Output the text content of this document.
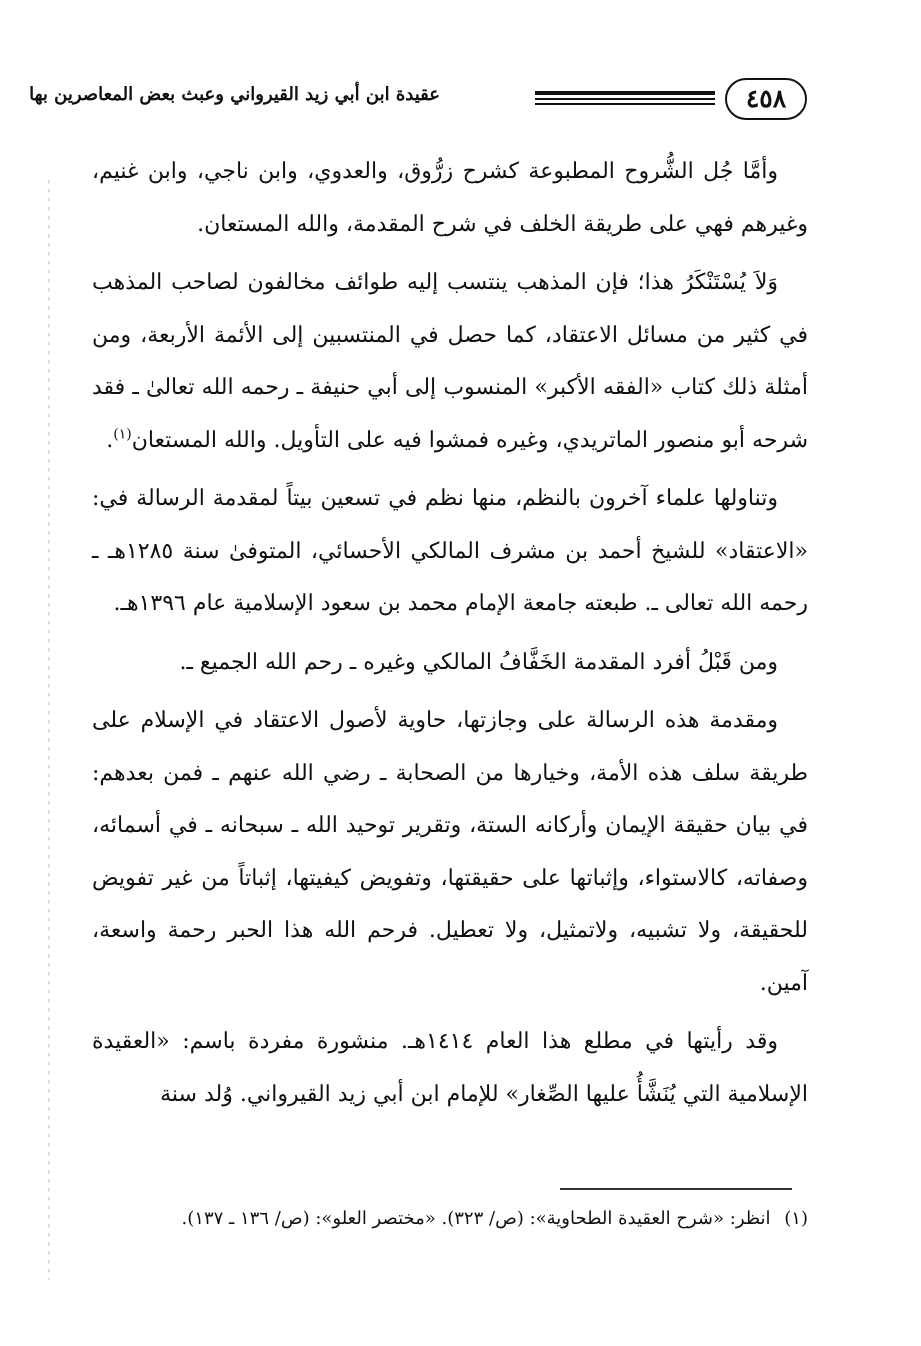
٤٥٨
عقيدة ابن أبي زيد القيرواني وعبث بعض المعاصرين بها

وأمَّا جُل الشُّروح المطبوعة كشرح زرُّوق، والعدوي، وابن ناجي، وابن غنيم، وغيرهم فهي على طريقة الخلف في شرح المقدمة، والله المستعان.

وَلاَ يُسْتَنْكَرُ هذا؛ فإن المذهب ينتسب إليه طوائف مخالفون لصاحب المذهب في كثير من مسائل الاعتقاد، كما حصل في المنتسبين إلى الأئمة الأربعة، ومن أمثلة ذلك كتاب «الفقه الأكبر» المنسوب إلى أبي حنيفة ـ رحمه الله تعالىٰ ـ فقد شرحه أبو منصور الماتريدي، وغيره فمشوا فيه على التأويل. والله المستعان$^{(١)}$.

وتناولها علماء آخرون بالنظم، منها نظم في تسعين بيتاً لمقدمة الرسالة في: «الاعتقاد» للشيخ أحمد بن مشرف المالكي الأحسائي، المتوفىٰ سنة ١٢٨٥هـ ـ رحمه الله تعالى ـ. طبعته جامعة الإمام محمد بن سعود الإسلامية عام ١٣٩٦هـ.

ومن قَبْلُ أفرد المقدمة الخَفَّافُ المالكي وغيره ـ رحم الله الجميع ـ.

ومقدمة هذه الرسالة على وجازتها، حاوية لأصول الاعتقاد في الإسلام على طريقة سلف هذه الأمة، وخيارها من الصحابة ـ رضي الله عنهم ـ فمن بعدهم: في بيان حقيقة الإيمان وأركانه الستة، وتقرير توحيد الله ـ سبحانه ـ في أسمائه، وصفاته، كالاستواء، وإثباتها على حقيقتها، وتفويض كيفيتها، إثباتاً من غير تفويض للحقيقة، ولا تشبيه، ولاتمثيل، ولا تعطيل. فرحم الله هذا الحبر رحمة واسعة، آمين.

وقد رأيتها في مطلع هذا العام ١٤١٤هـ. منشورة مفردة باسم: «العقيدة الإسلامية التي يُنَشَّأُ عليها الصِّغار» للإمام ابن أبي زيد القيرواني. وُلد سنة

(١) انظر: «شرح العقيدة الطحاوية»: (ص/ ٣٢٣). «مختصر العلو»: (ص/ ١٣٦ ـ ١٣٧).
